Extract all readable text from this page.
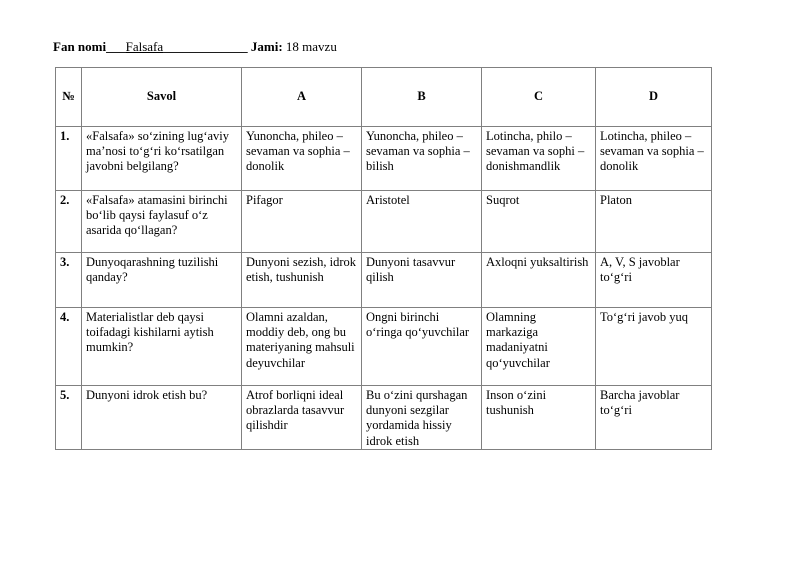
Fan nomi___Falsafa_____________ Jami: 18 mavzu
№	Savol	A	B	C	D
1.	«Falsafa» so‘zining lug‘aviy ma’nosi to‘g‘ri ko‘rsatilgan javobni belgilang?	Yunoncha, phileo – sevaman va sophia – donolik	Yunoncha, phileo – sevaman va sophia – bilish	Lotincha, philo – sevaman va sophi – donishmandlik	Lotincha, phileo – sevaman va sophia – donolik
2.	«Falsafa» atamasini birinchi bo‘lib qaysi faylasuf o‘z asarida qo‘llagan?	Pifagor	Aristotel	Suqrot	Platon
3.	Dunyoqarashning tuzilishi qanday?	Dunyoni sezish, idrok etish, tushunish	Dunyoni tasavvur qilish	Axloqni yuksaltirish	A, V, S javoblar to‘g‘ri
4.	Materialistlar deb qaysi toifadagi kishilarni aytish mumkin?	Olamni azaldan, moddiy deb, ong bu materiyaning mahsuli deyuvchilar	Ongni birinchi o‘ringa qo‘yuvchilar	Olamning markaziga madaniyatni qo‘yuvchilar	To‘g‘ri javob yuq
5.	Dunyoni idrok etish bu?	Atrof borliqni ideal obrazlarda tasavvur qilishdir	Bu o‘zini qurshagan dunyoni sezgilar yordamida hissiy idrok etish	Inson o‘zini tushunish	Barcha javoblar to‘g‘ri
